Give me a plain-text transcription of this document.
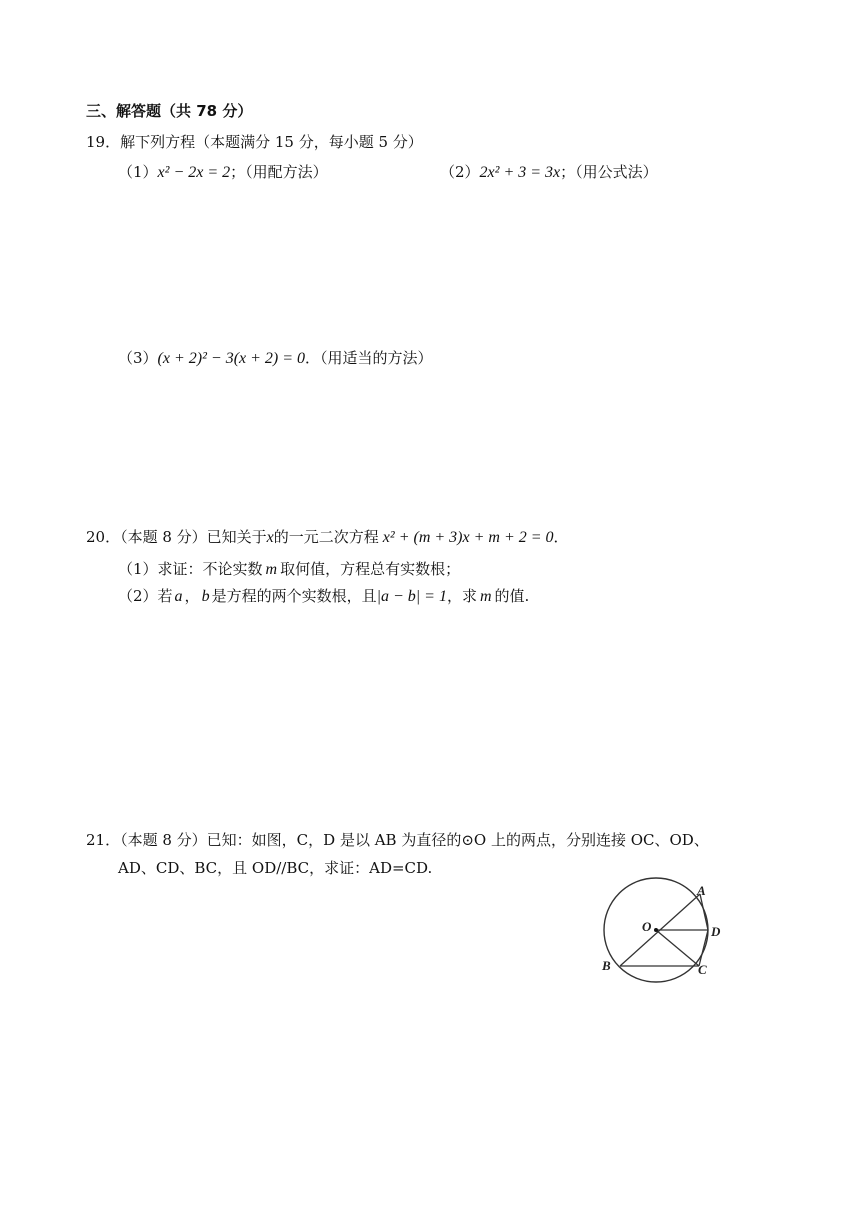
三、解答题（共 78 分）
19．解下列方程（本题满分 15 分，每小题 5 分）
（1）x² − 2x = 2；（用配方法）	（2）2x² + 3 = 3x；（用公式法）
（3）(x + 2)² − 3(x + 2) = 0．（用适当的方法）
20．（本题 8 分）已知关于x的一元二次方程 x² + (m + 3)x + m + 2 = 0．
（1）求证：不论实数 m 取何值，方程总有实数根；
（2）若 a ， b 是方程的两个实数根，且|a − b| = 1，求 m 的值.
21．（本题 8 分）已知：如图，C，D 是以 AB 为直径的⊙O 上的两点，分别连接 OC、OD、
AD、CD、BC，且 OD//BC，求证：AD=CD.
A
O	D
B	C
